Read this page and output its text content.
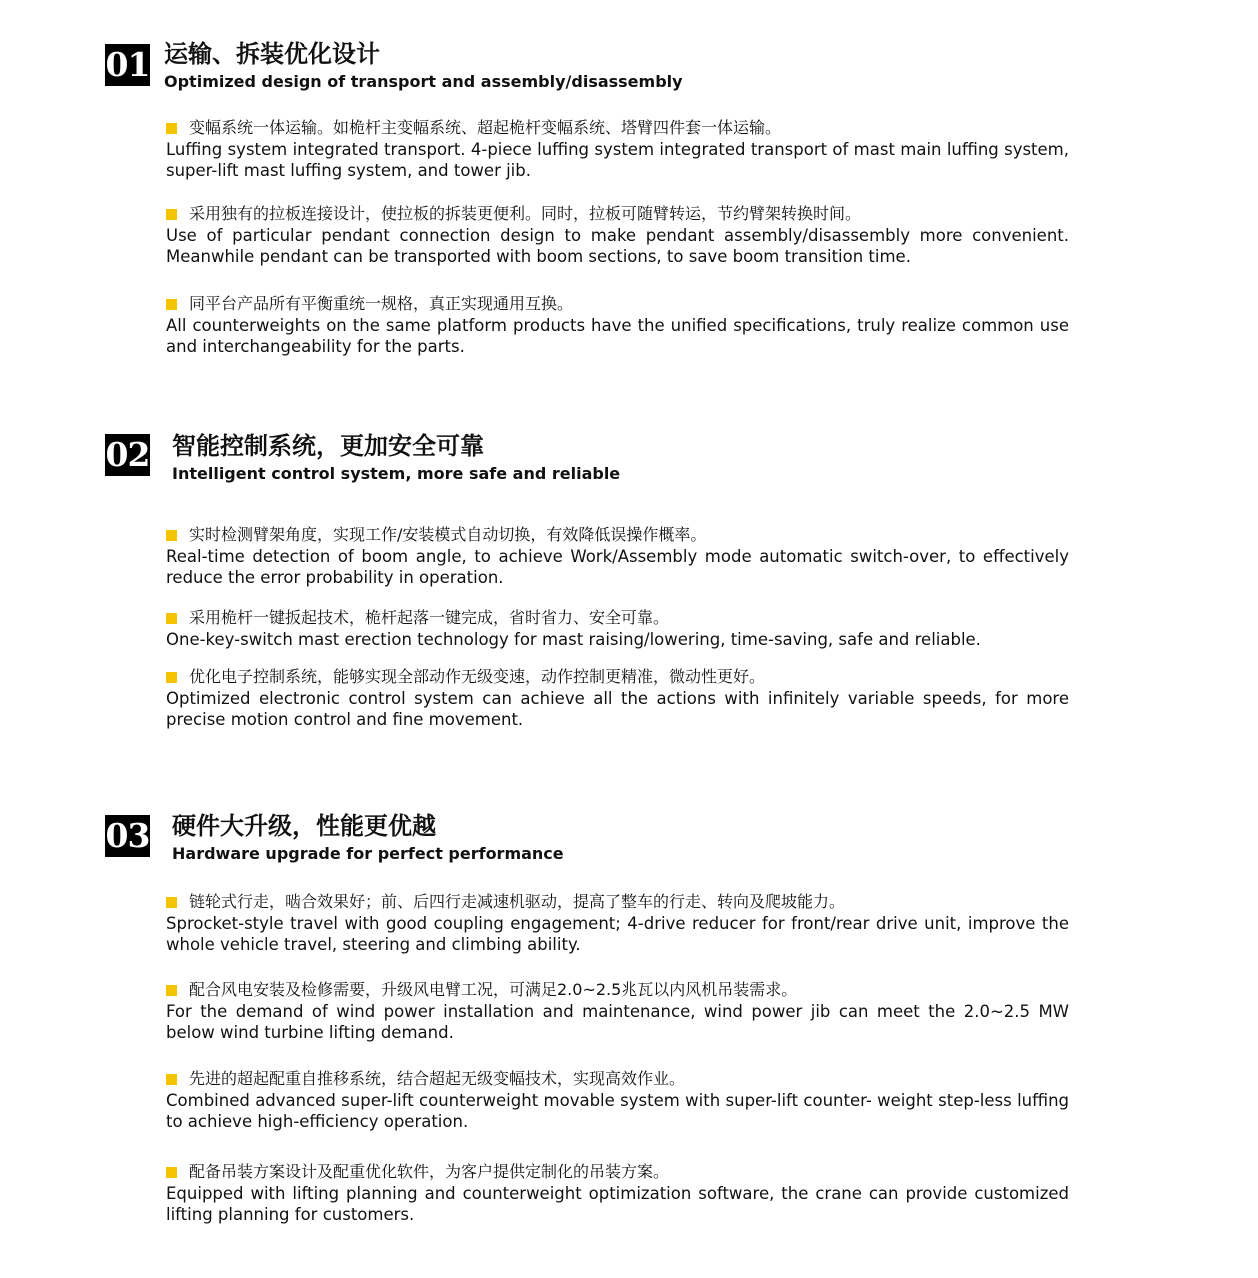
01 运输、拆装优化设计
Optimized design of transport and assembly/disassembly
变幅系统一体运输。如桅杆主变幅系统、超起桅杆变幅系统、塔臂四件套一体运输。
Luffing system integrated transport. 4-piece luffing system integrated transport of mast main luffing system, super-lift mast luffing system, and tower jib.
采用独有的拉板连接设计，使拉板的拆装更便利。同时，拉板可随臂转运，节约臂架转换时间。
Use of particular pendant connection design to make pendant assembly/disassembly more convenient. Meanwhile pendant can be transported with boom sections, to save boom transition time.
同平台产品所有平衡重统一规格，真正实现通用互换。
All counterweights on the same platform products have the unified specifications, truly realize common use and interchangeability for the parts.
02 智能控制系统，更加安全可靠
Intelligent control system, more safe and reliable
实时检测臂架角度，实现工作/安装模式自动切换，有效降低误操作概率。
Real-time detection of boom angle, to achieve Work/Assembly mode automatic switch-over, to effectively reduce the error probability in operation.
采用桅杆一键扳起技术，桅杆起落一键完成，省时省力、安全可靠。
One-key-switch mast erection technology for mast raising/lowering, time-saving, safe and reliable.
优化电子控制系统，能够实现全部动作无级变速，动作控制更精准，微动性更好。
Optimized electronic control system can achieve all the actions with infinitely variable speeds, for more precise motion control and fine movement.
03 硬件大升级，性能更优越
Hardware upgrade for perfect performance
链轮式行走，啮合效果好；前、后四行走减速机驱动，提高了整车的行走、转向及爬坡能力。
Sprocket-style travel with good coupling engagement; 4-drive reducer for front/rear drive unit, improve the whole vehicle travel, steering and climbing ability.
配合风电安装及检修需要，升级风电臂工况，可满足2.0~2.5兆瓦以内风机吊装需求。
For the demand of wind power installation and maintenance, wind power jib can meet the 2.0~2.5 MW below wind turbine lifting demand.
先进的超起配重自推移系统，结合超起无级变幅技术，实现高效作业。
Combined advanced super-lift counterweight movable system with super-lift counter- weight step-less luffing to achieve high-efficiency operation.
配备吊装方案设计及配重优化软件，为客户提供定制化的吊装方案。
Equipped with lifting planning and counterweight optimization software, the crane can provide customized lifting planning for customers.
